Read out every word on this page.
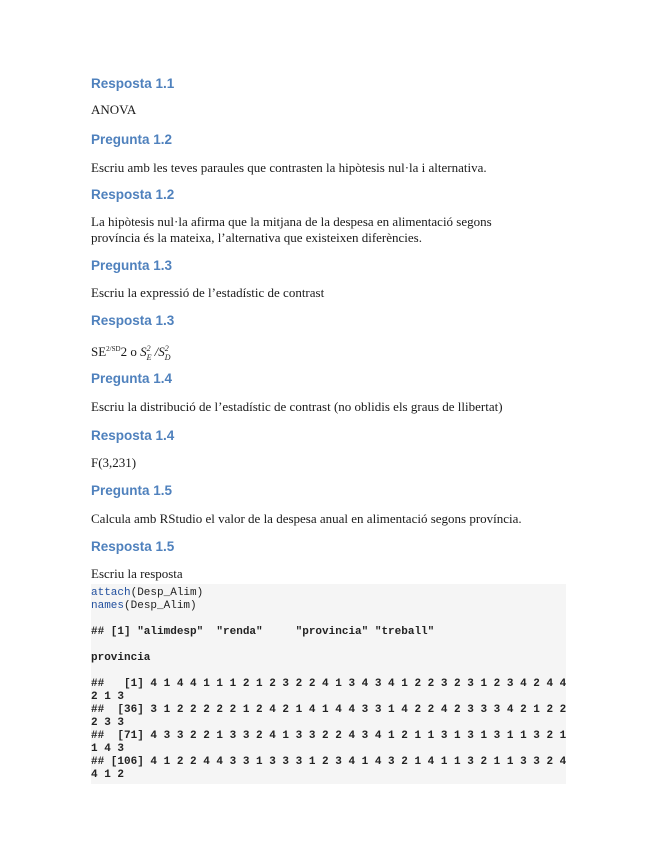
Resposta 1.1

ANOVA

Pregunta 1.2

Escriu amb les teves paraules que contrasten la hipòtesis nul·la i alternativa.

Resposta 1.2

La hipòtesis nul·la afirma que la mitjana de la despesa en alimentació segons
província és la mateixa, l’alternativa que existeixen diferències.

Pregunta 1.3

Escriu la expressió de l’estadístic de contrast

Resposta 1.3

$SE^{2/SD}2$ o S 2
E /S 2
D

Pregunta 1.4

Escriu la distribució de l’estadístic de contrast (no oblidis els graus de llibertat)

Resposta 1.4

F(3,231)

Pregunta 1.5

Calcula amb RStudio el valor de la despesa anual en alimentació segons província.

Resposta 1.5

Escriu la resposta

attach(Desp_Alim)
names(Desp_Alim)

## [1] "alimdesp"  "renda"     "provincia" "treball"

provincia

##   [1] 4 1 4 4 1 1 1 2 1 2 3 2 2 4 1 3 4 3 4 1 2 2 3 2 3 1 2 3 4 2 4 4
2 1 3
##  [36] 3 1 2 2 2 2 2 1 2 4 2 1 4 1 4 4 3 3 1 4 2 2 4 2 3 3 3 4 2 1 2 2
2 3 3
##  [71] 4 3 3 2 2 1 3 3 2 4 1 3 3 2 2 4 3 4 1 2 1 1 3 1 3 1 3 1 1 3 2 1
1 4 3
## [106] 4 1 2 2 4 4 3 3 1 3 3 3 1 2 3 4 1 4 3 2 1 4 1 1 3 2 1 1 3 3 2 4
4 1 2
